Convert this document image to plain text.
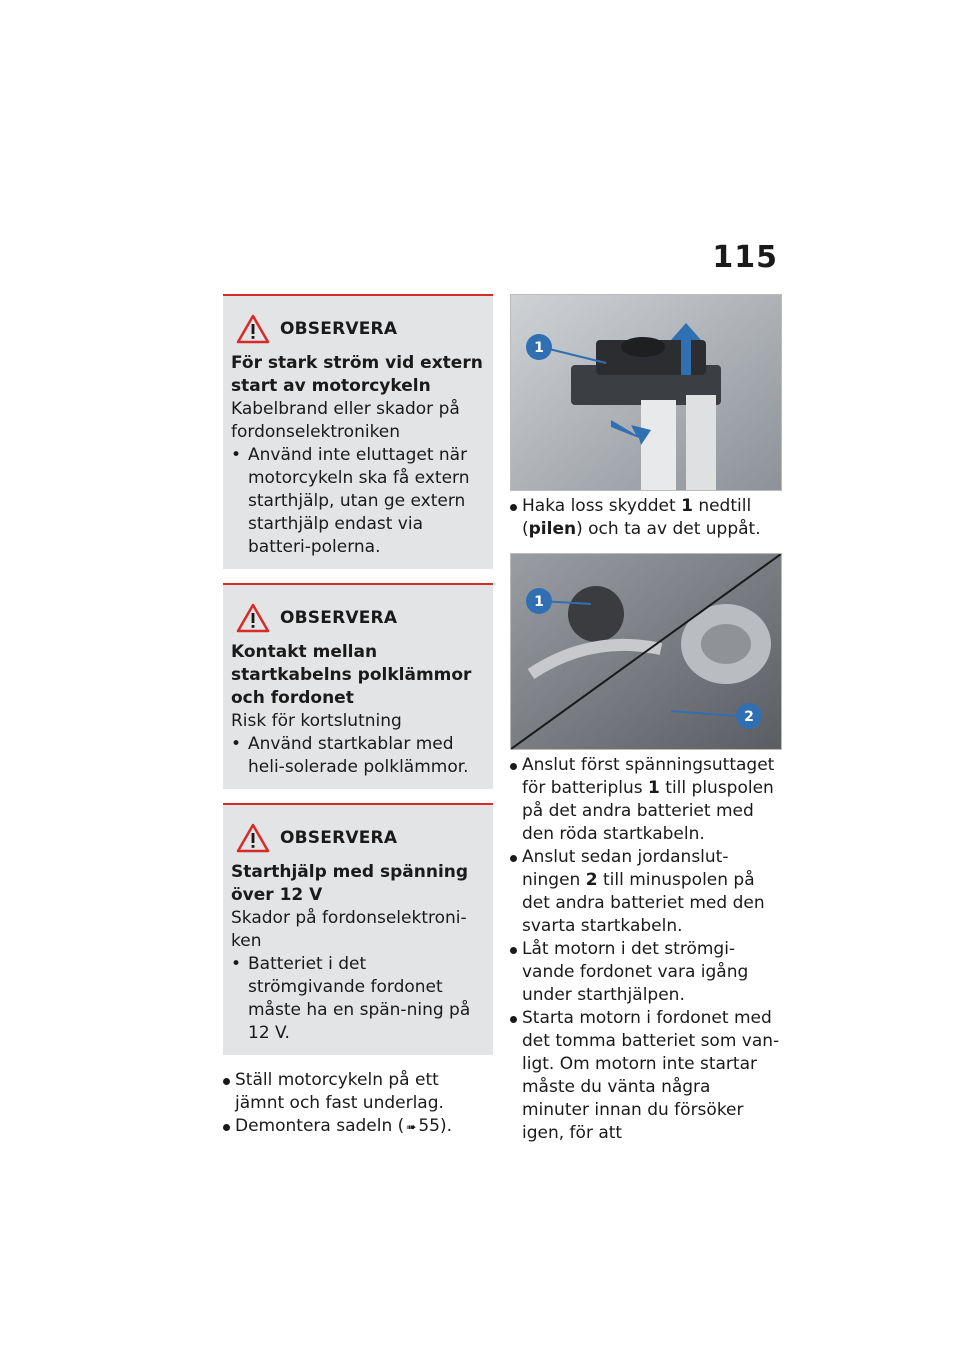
115
OBSERVERA
För stark ström vid extern start av motorcykeln
Kabelbrand eller skador på fordonselektroniken
• Använd inte eluttaget när motorcykeln ska få extern starthjälp, utan ge extern starthjälp endast via batteri-polerna.
OBSERVERA
Kontakt mellan startkabelns polklämmor och fordonet
Risk för kortslutning
• Använd startkablar med heli-solerade polklämmor.
OBSERVERA
Starthjälp med spänning över 12 V
Skador på fordonselektroni-ken
• Batteriet i det strömgivande fordonet måste ha en spän-ning på 12 V.
Ställ motorcykeln på ett jämnt och fast underlag.
Demontera sadeln ( ➠ 55).
1
Haka loss skyddet 1 nedtill (pilen) och ta av det uppåt.
1
2
Anslut först spänningsuttaget för batteriplus 1 till pluspolen på det andra batteriet med den röda startkabeln.
Anslut sedan jordanslut-ningen 2 till minuspolen på det andra batteriet med den svarta startkabeln.
Låt motorn i det strömgi-vande fordonet vara igång under starthjälpen.
Starta motorn i fordonet med det tomma batteriet som van-ligt. Om motorn inte startar måste du vänta några minuter innan du försöker igen, för att
